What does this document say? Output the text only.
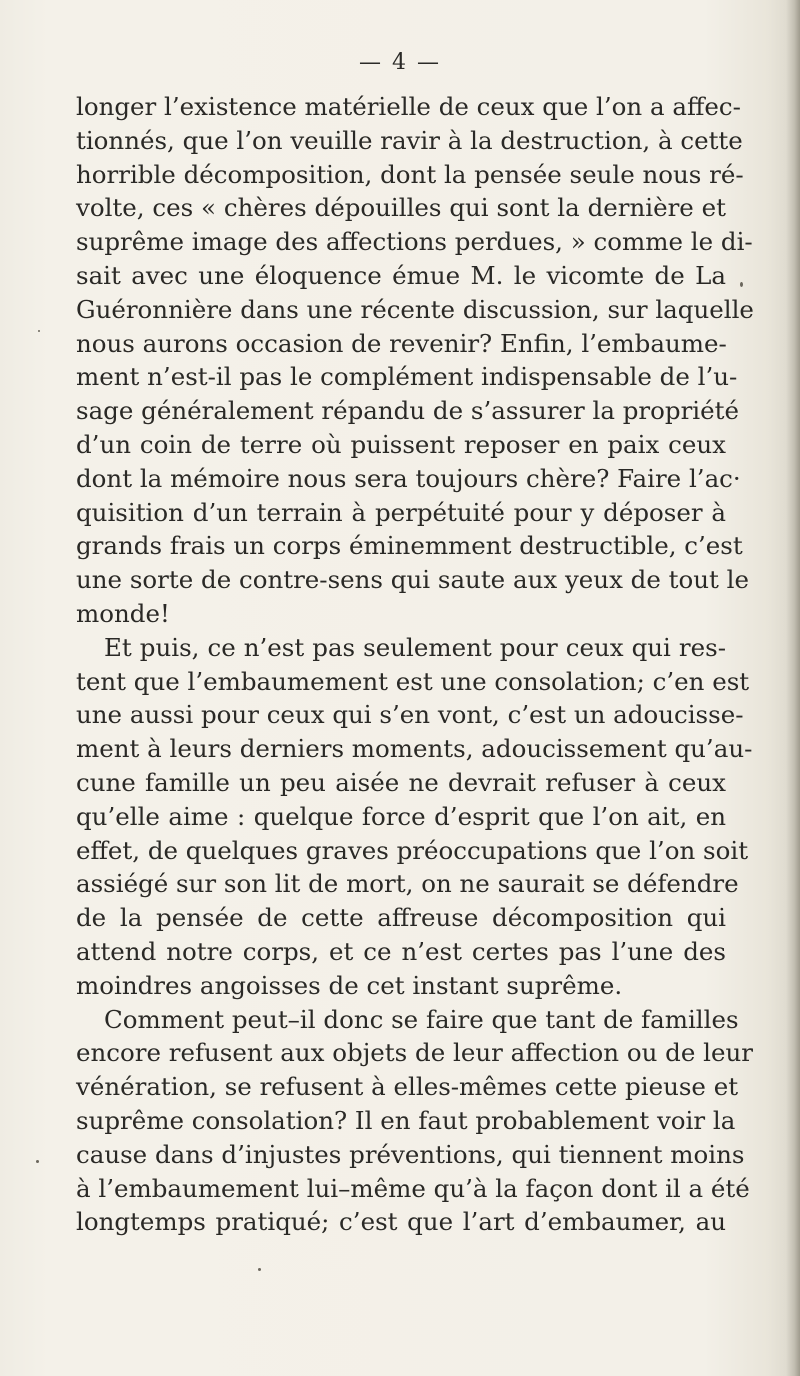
— 4 —
longer l’existence matérielle de ceux que l’on a affec-
tionnés, que l’on veuille ravir à la destruction, à cette
horrible décomposition, dont la pensée seule nous ré-
volte, ces « chères dépouilles qui sont la dernière et
suprême image des affections perdues, » comme le di-
sait avec une éloquence émue M. le vicomte de La
Guéronnière dans une récente discussion, sur laquelle
nous aurons occasion de revenir? Enfin, l’embaume-
ment n’est-il pas le complément indispensable de l’u-
sage généralement répandu de s’assurer la propriété
d’un coin de terre où puissent reposer en paix ceux
dont la mémoire nous sera toujours chère? Faire l’ac·
quisition d’un terrain à perpétuité pour y déposer à
grands frais un corps éminemment destructible, c’est
une sorte de contre-sens qui saute aux yeux de tout le
monde!
Et puis, ce n’est pas seulement pour ceux qui res-
tent que l’embaumement est une consolation; c’en est
une aussi pour ceux qui s’en vont, c’est un adoucisse-
ment à leurs derniers moments, adoucissement qu’au-
cune famille un peu aisée ne devrait refuser à ceux
qu’elle aime : quelque force d’esprit que l’on ait, en
effet, de quelques graves préoccupations que l’on soit
assiégé sur son lit de mort, on ne saurait se défendre
de la pensée de cette affreuse décomposition qui
attend notre corps, et ce n’est certes pas l’une des
moindres angoisses de cet instant suprême.
Comment peut–il donc se faire que tant de familles
encore refusent aux objets de leur affection ou de leur
vénération, se refusent à elles-mêmes cette pieuse et
suprême consolation? Il en faut probablement voir la
cause dans d’injustes préventions, qui tiennent moins
à l’embaumement lui–même qu’à la façon dont il a été
longtemps pratiqué; c’est que l’art d’embaumer, au
